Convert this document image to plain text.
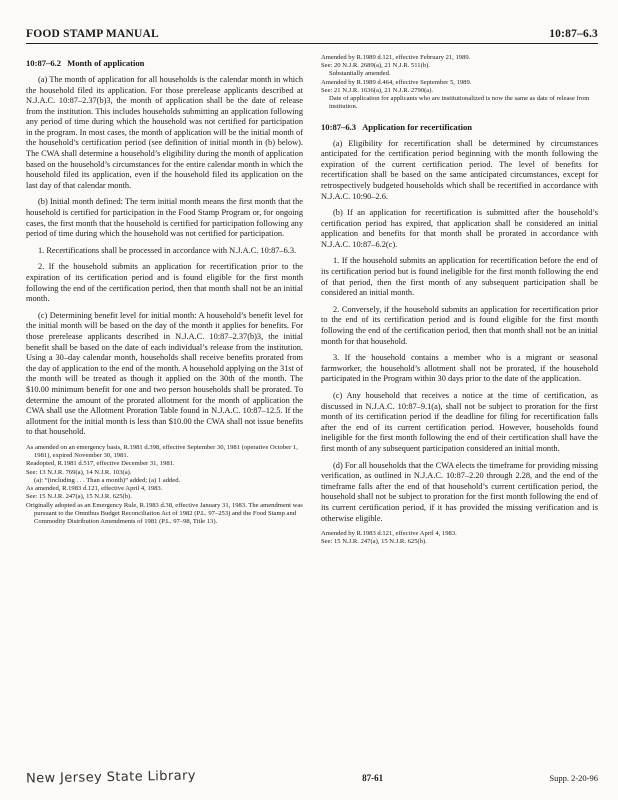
FOOD STAMP MANUAL	10:87–6.3
10:87–6.2 Month of application

(a) The month of application for all households is the calendar month in which the household filed its application. For those prerelease applicants described at N.J.A.C. 10:87–2.37(b)3, the month of application shall be the date of release from the institution. This includes households submitting an application following any period of time during which the household was not certified for participation in the program. In most cases, the month of application will be the initial month of the household’s certification period (see definition of initial month in (b) below). The CWA shall determine a household’s eligibility during the month of application based on the household’s circumstances for the entire calendar month in which the household filed its application, even if the household filed its application on the last day of that calendar month.

(b) Initial month defined: The term initial month means the first month that the household is certified for participation in the Food Stamp Program or, for ongoing cases, the first month that the household is certified for participation following any period of time during which the household was not certified for participation.

1. Recertifications shall be processed in accordance with N.J.A.C. 10:87–6.3.

2. If the household submits an application for recertification prior to the expiration of its certification period and is found eligible for the first month following the end of the certification period, then that month shall not be an initial month.

(c) Determining benefit level for initial month: A household’s benefit level for the initial month will be based on the day of the month it applies for benefits. For those prerelease applicants described in N.J.A.C. 10:87–2.37(b)3, the initial benefit shall be based on the date of each individual’s release from the institution. Using a 30–day calendar month, households shall receive benefits prorated from the day of application to the end of the month. A household applying on the 31st of the month will be treated as though it applied on the 30th of the month. The $10.00 minimum benefit for one and two person households shall be prorated. To determine the amount of the prorated allotment for the month of application the CWA shall use the Allotment Proration Table found in N.J.A.C. 10:87–12.5. If the allotment for the initial month is less than $10.00 the CWA shall not issue benefits to that household.

As amended on an emergency basis, R.1981 d.398, effective September 30, 1981 (operative October 1, 1981), expired November 30, 1981.

Readopted, R.1981 d.517, effective December 31, 1981.

See: 13 N.J.R. 769(a), 14 N.J.R. 103(a).

(a): “(including . . . Than a month)” added; (a) 1 added.

As amended, R.1983 d.121, effective April 4, 1983.

See: 15 N.J.R. 247(a), 15 N.J.R. 625(b).

Originally adopted as an Emergency Rule, R.1983 d.38, effective January 31, 1983. The amendment was pursuant to the Omnibus Budget Reconciliation Act of 1982 (P.L. 97–253) and the Food Stamp and Commodity Distribution Amendments of 1981 (P.L. 97–98, Title 13).

Amended by R.1989 d.121, effective February 21, 1989.

See: 20 N.J.R. 2689(a), 21 N.J.R. 511(b).

Substantially amended.

Amended by R.1989 d.464, effective September 5, 1989.

See: 21 N.J.R. 1636(a), 21 N.J.R. 2790(a).

Date of application for applicants who are institutionalized is now the same as date of release from institution.

10:87–6.3 Application for recertification

(a) Eligibility for recertification shall be determined by circumstances anticipated for the certification period beginning with the month following the expiration of the current certification period. The level of benefits for recertification shall be based on the same anticipated circumstances, except for retrospectively budgeted households which shall be recertified in accordance with N.J.A.C. 10:90–2.6.

(b) If an application for recertification is submitted after the household’s certification period has expired, that application shall be considered an initial application and benefits for that month shall be prorated in accordance with N.J.A.C. 10:87–6.2(c).

1. If the household submits an application for recertification before the end of its certification period but is found ineligible for the first month following the end of that period, then the first month of any subsequent participation shall be considered an initial month.

2. Conversely, if the household submits an application for recertification prior to the end of its certification period and is found eligible for the first month following the end of the certification period, then that month shall not be an initial month for that household.

3. If the household contains a member who is a migrant or seasonal farmworker, the household’s allotment shall not be prorated, if the household participated in the Program within 30 days prior to the date of the application.

(c) Any household that receives a notice at the time of certification, as discussed in N.J.A.C. 10:87–9.1(a), shall not be subject to proration for the first month of its certification period if the deadline for filing for recertification falls after the end of its current certification period. However, households found ineligible for the first month following the end of their certification shall have the first month of any subsequent participation considered an initial month.

(d) For all households that the CWA elects the timeframe for providing missing verification, as outlined in N.J.A.C. 10:87–2.20 through 2.28, and the end of the timeframe falls after the end of that household’s current certification period, the household shall not be subject to proration for the first month following the end of its current certification period, if it has provided the missing verification and is otherwise eligible.

Amended by R.1983 d.121, effective April 4, 1983.

See: 15 N.J.R. 247(a), 15 N.J.R. 625(b).

New Jersey State Library	87-61	Supp. 2-20-96
